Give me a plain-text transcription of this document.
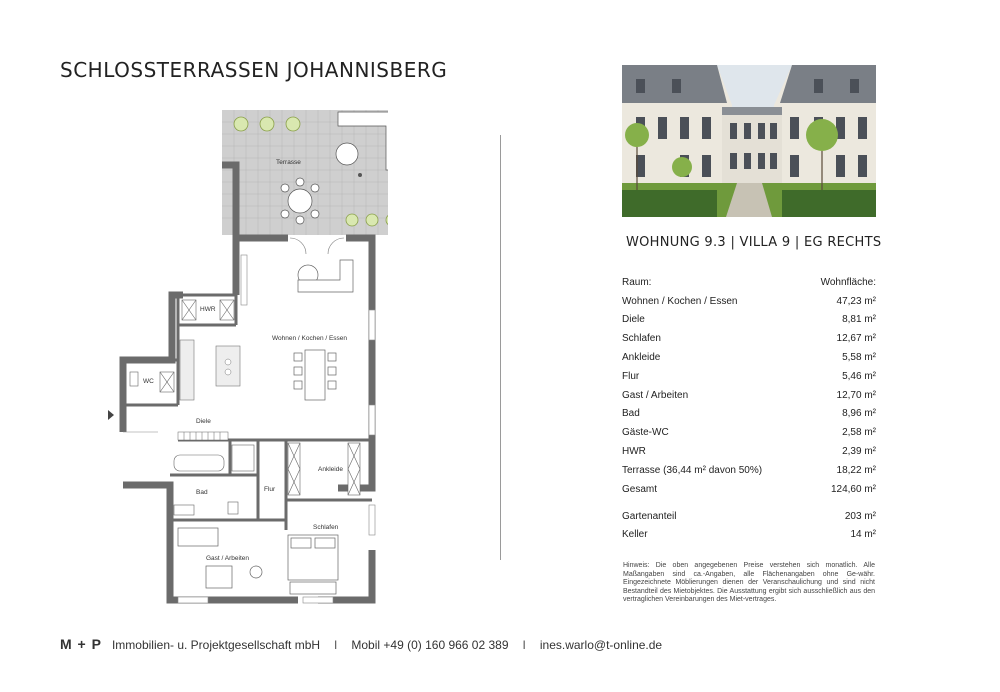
SCHLOSSTERRASSEN JOHANNISBERG
Terrasse
HWR
WC
Wohnen / Kochen / Essen
Diele
Ankleide
Bad	Flur
Schlafen
Gast / Arbeiten
WOHNUNG 9.3 | VILLA 9 | EG RECHTS
Raum:	Wohnfläche:
Wohnen / Kochen / Essen	47,23 m²
Diele	8,81 m²
Schlafen	12,67 m²
Ankleide	5,58 m²
Flur	5,46 m²
Gast / Arbeiten	12,70 m²
Bad	8,96 m²
Gäste-WC	2,58 m²
HWR	2,39 m²
Terrasse (36,44 m² davon 50%)	18,22 m²
Gesamt	124,60 m²

Gartenanteil	203 m²
Keller	14 m²
Hinweis: Die oben angegebenen Preise verstehen sich monatlich. Alle Maßangaben sind ca.-Angaben, alle Flächenangaben ohne Ge-währ. Eingezeichnete Möblierungen dienen der Veranschaulichung und sind nicht Bestandteil des Mietobjektes. Die Ausstattung ergibt sich ausschließlich aus den vertraglichen Vereinbarungen des Miet-vertrages.
M + P Immobilien- u. Projektgesellschaft mbH I Mobil +49 (0) 160 966 02 389 I ines.warlo@t-online.de
